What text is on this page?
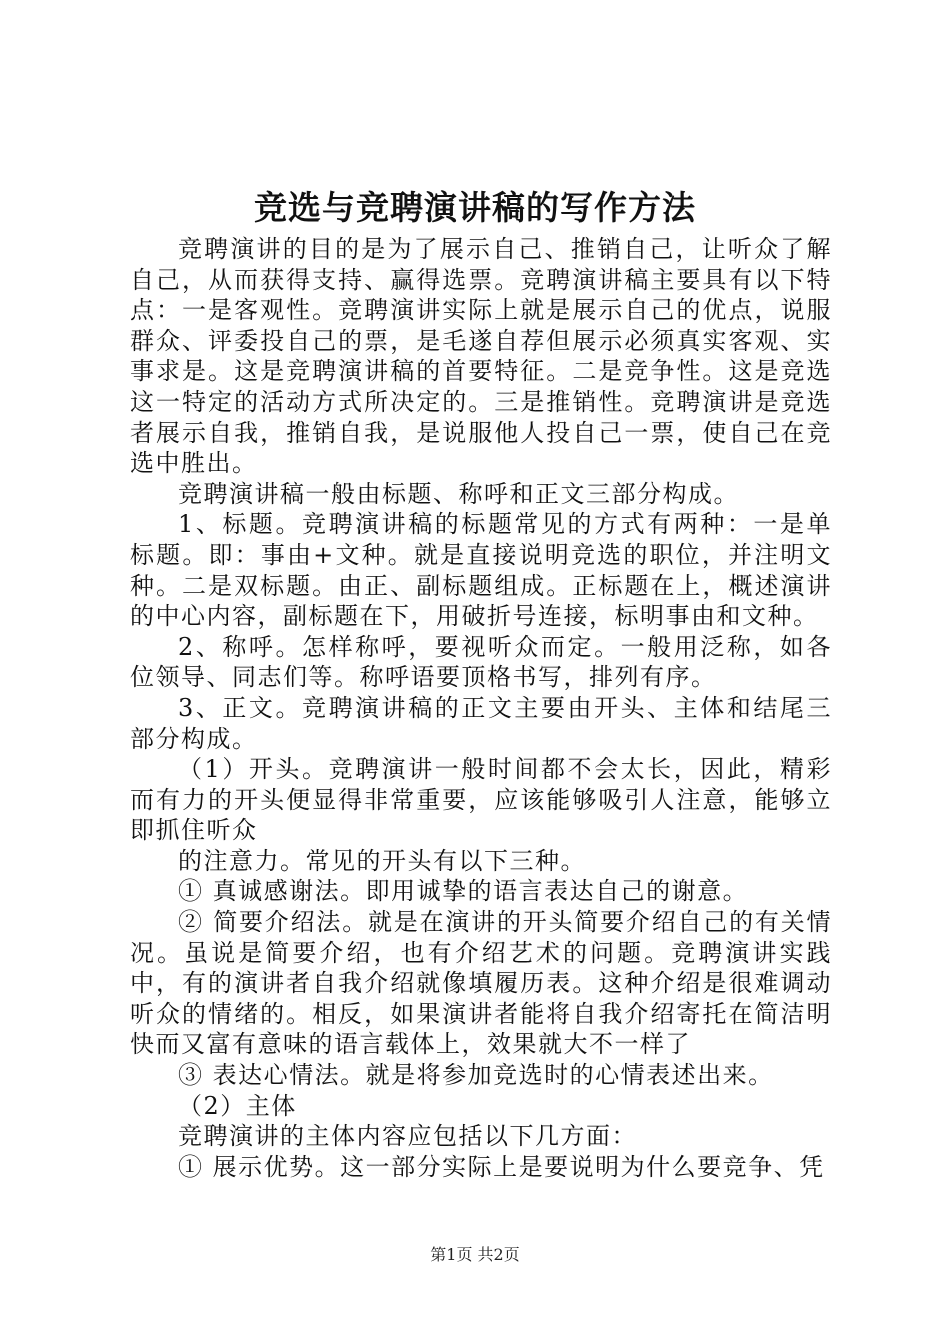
竞选与竞聘演讲稿的写作方法

竞聘演讲的目的是为了展示自己、推销自己，让听众了解自己，从而获得支持、赢得选票。竞聘演讲稿主要具有以下特点：一是客观性。竞聘演讲实际上就是展示自己的优点，说服群众、评委投自己的票，是毛遂自荐但展示必须真实客观、实事求是。这是竞聘演讲稿的首要特征。二是竞争性。这是竞选这一特定的活动方式所决定的。三是推销性。竞聘演讲是竞选者展示自我，推销自我，是说服他人投自己一票，使自己在竞选中胜出。

竞聘演讲稿一般由标题、称呼和正文三部分构成。

1、标题。竞聘演讲稿的标题常见的方式有两种：一是单标题。即：事由+文种。就是直接说明竞选的职位，并注明文种。二是双标题。由正、副标题组成。正标题在上，概述演讲的中心内容，副标题在下，用破折号连接，标明事由和文种。

2、称呼。怎样称呼，要视听众而定。一般用泛称，如各位领导、同志们等。称呼语要顶格书写，排列有序。

3、正文。竞聘演讲稿的正文主要由开头、主体和结尾三部分构成。

（1）开头。竞聘演讲一般时间都不会太长，因此，精彩而有力的开头便显得非常重要，应该能够吸引人注意，能够立即抓住听众

的注意力。常见的开头有以下三种。

① 真诚感谢法。即用诚挚的语言表达自己的谢意。

② 简要介绍法。就是在演讲的开头简要介绍自己的有关情况。虽说是简要介绍，也有介绍艺术的问题。竞聘演讲实践中，有的演讲者自我介绍就像填履历表。这种介绍是很难调动听众的情绪的。相反，如果演讲者能将自我介绍寄托在简洁明快而又富有意味的语言载体上，效果就大不一样了

③ 表达心情法。就是将参加竞选时的心情表述出来。

（2）主体

竞聘演讲的主体内容应包括以下几方面：

① 展示优势。这一部分实际上是要说明为什么要竞争、凭

第1页 共2页
